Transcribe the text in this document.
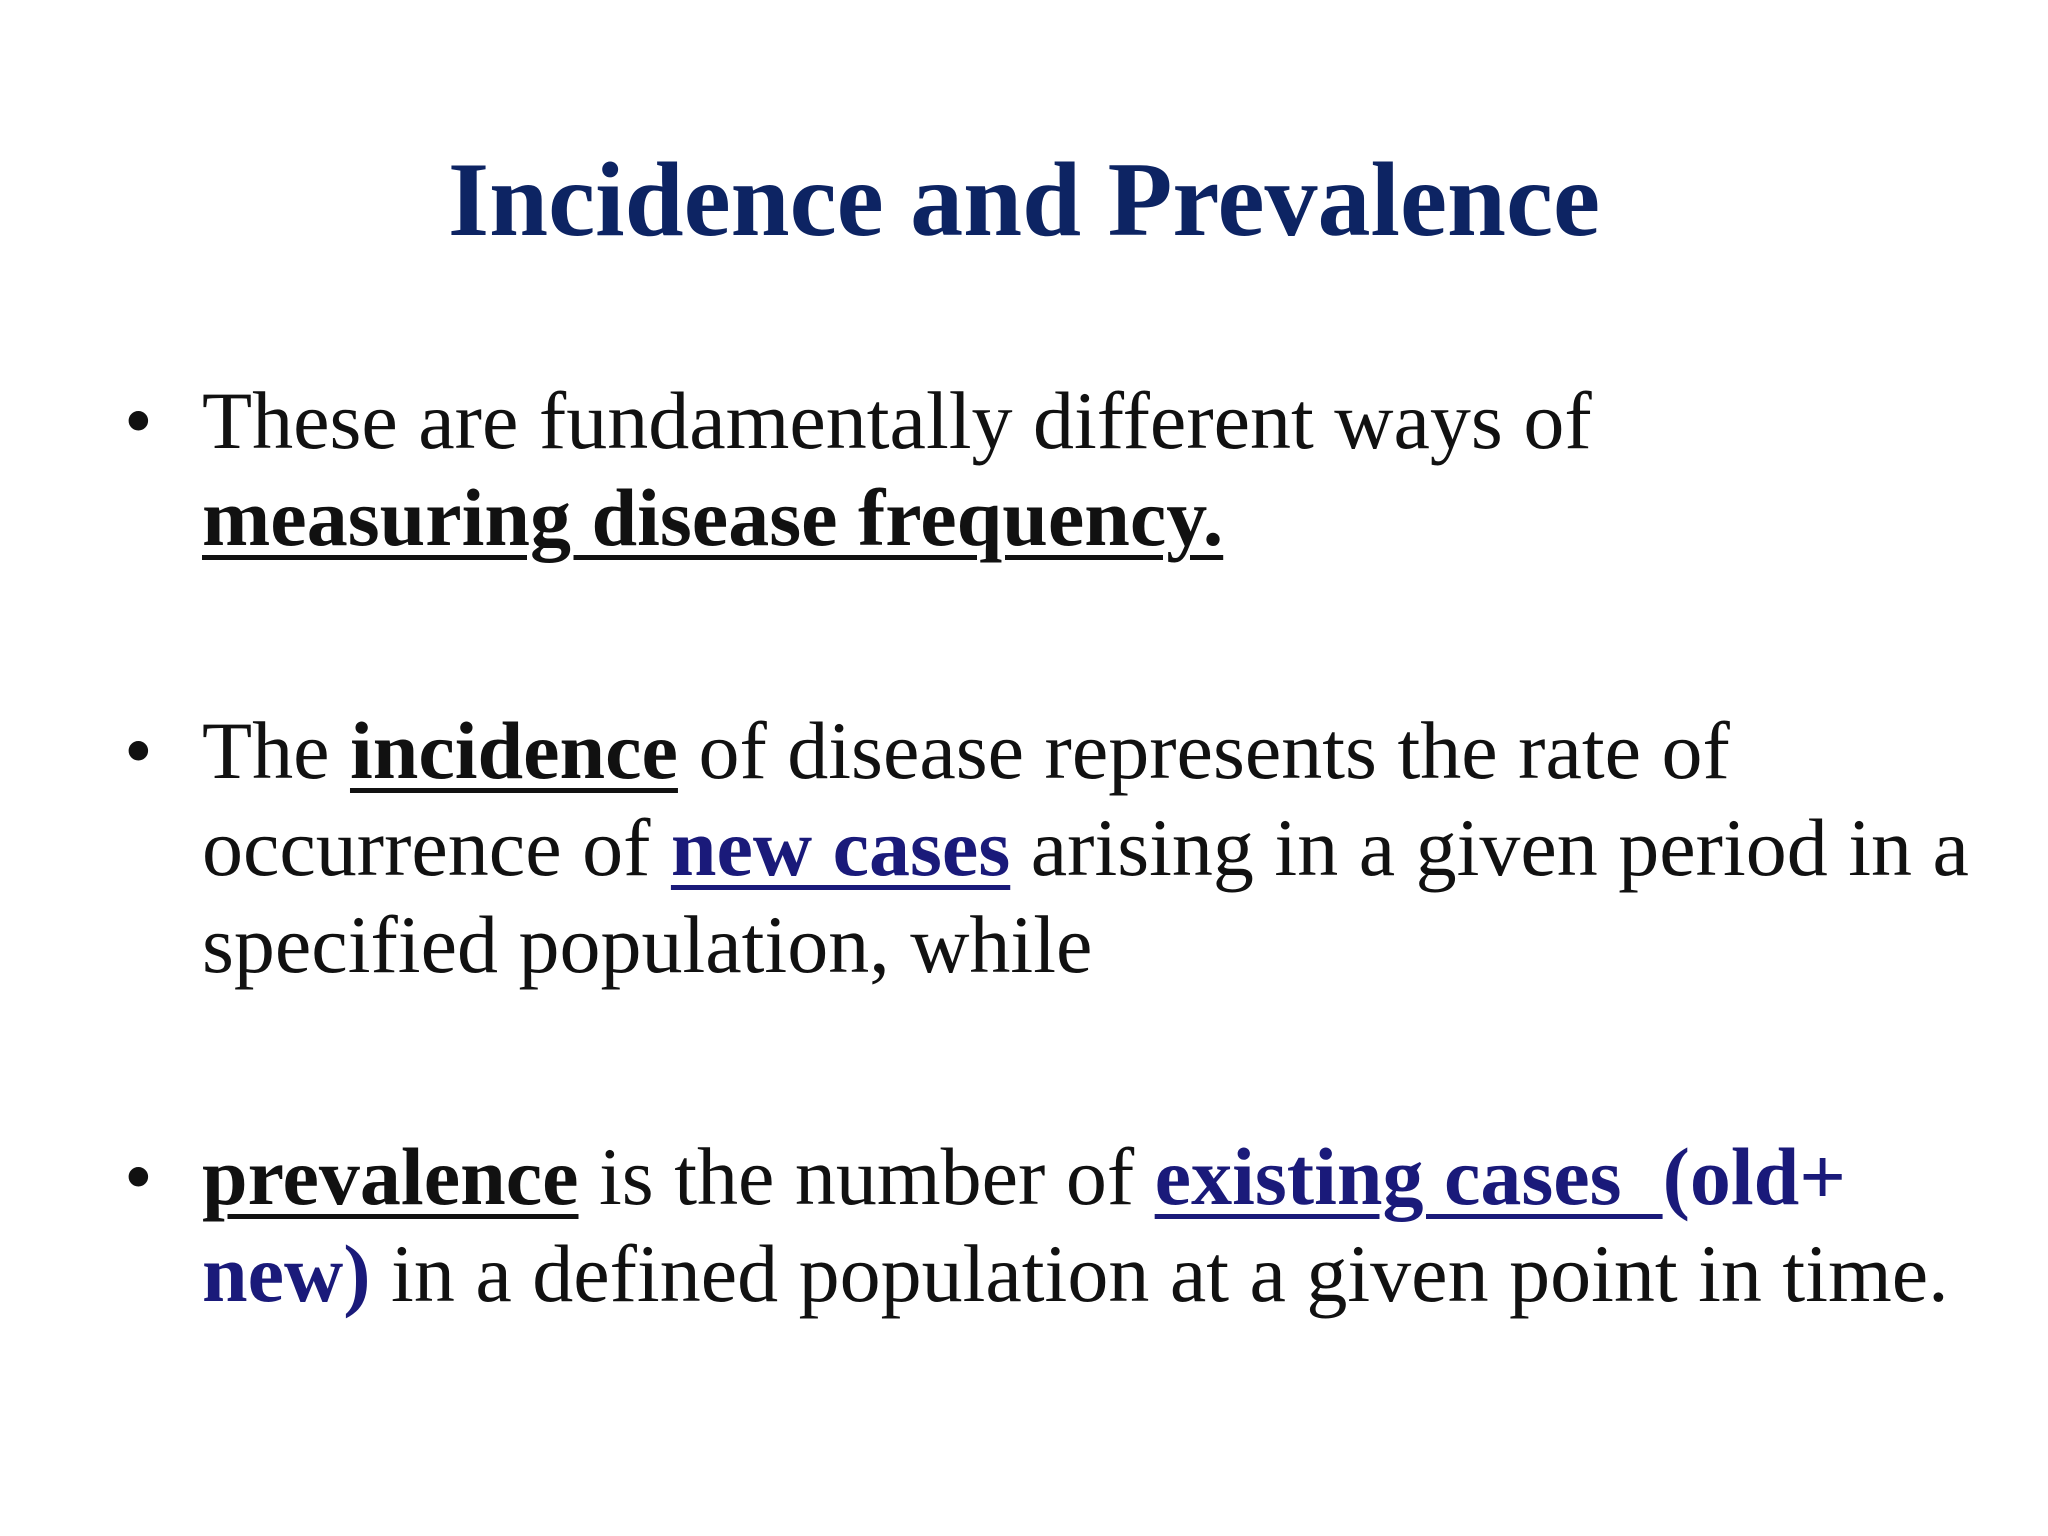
Incidence and Prevalence
• These are fundamentally different ways of
measuring disease frequency.
• The incidence of disease represents the rate of
occurrence of new cases arising in a given period in a
specified population, while
• prevalence is the number of existing cases  (old+
new) in a defined population at a given point in time.
